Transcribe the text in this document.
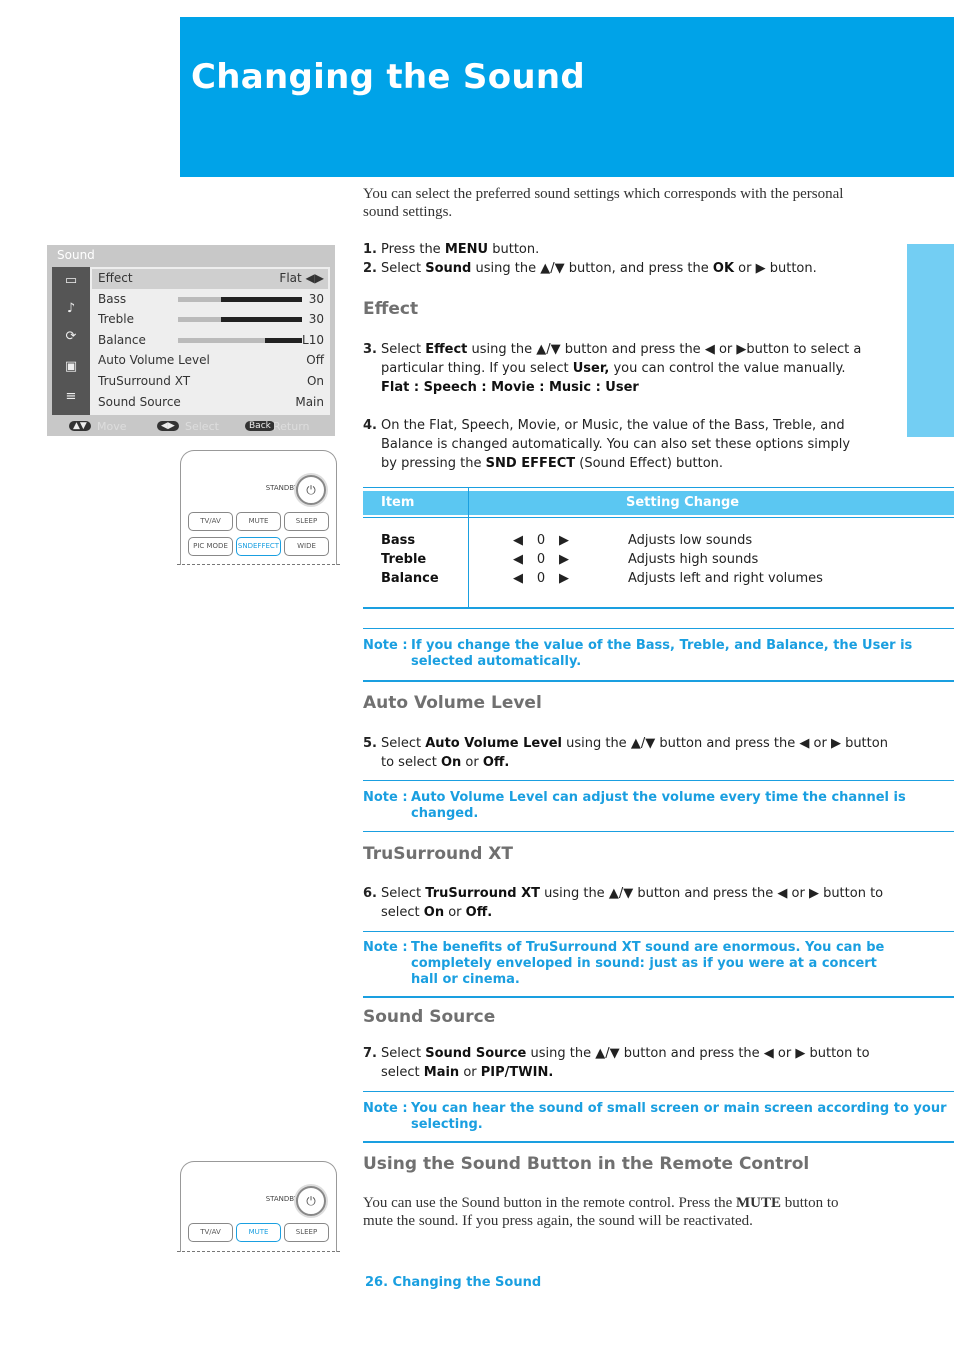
Changing the Sound
You can select the preferred sound settings which corresponds with the personal sound settings.
1. Press the MENU button.
2. Select Sound using the ▲/▼ button, and press the OK or ▶ button.
Effect
3. Select Effect using the ▲/▼ button and press the ◀ or ▶button to select a particular thing. If you select User, you can control the value manually.
Flat : Speech : Movie : Music : User
4. On the Flat, Speech, Movie, or Music, the value of the Bass, Treble, and Balance is changed automatically. You can also set these options simply by pressing the SND EFFECT (Sound Effect) button.
Item	Setting Change
Bass	◀ 0 ▶	Adjusts low sounds
Treble	◀ 0 ▶	Adjusts high sounds
Balance	◀ 0 ▶	Adjusts left and right volumes
Note : If you change the value of the Bass, Treble, and Balance, the User is selected automatically.
Auto Volume Level
5. Select Auto Volume Level using the ▲/▼ button and press the ◀ or ▶ button to select On or Off.
Note : Auto Volume Level can adjust the volume every time the channel is changed.
TruSurround XT
6. Select TruSurround XT using the ▲/▼ button and press the ◀ or ▶ button to select On or Off.
Note : The benefits of TruSurround XT sound are enormous. You can be completely enveloped in sound: just as if you were at a concert hall or cinema.
Sound Source
7. Select Sound Source using the ▲/▼ button and press the ◀ or ▶ button to select Main or PIP/TWIN.
Note : You can hear the sound of small screen or main screen according to your selecting.
Using the Sound Button in the Remote Control
You can use the Sound button in the remote control. Press the MUTE button to mute the sound. If you press again, the sound will be reactivated.
Sound
▭
♪
⟳
▣
≡
Effect	Flat ◀▶
Bass	30
Treble	30
Balance	L10
Auto Volume Level	Off
TruSurround XT	On
Sound Source	Main
▲▼ Move	◀▶ Select	Back Return
STANDBY ⏻
TV/AV	MUTE	SLEEP
PIC MODE	SNDEFFECT	WIDE
STANDBY ⏻
TV/AV	MUTE	SLEEP
26. Changing the Sound
